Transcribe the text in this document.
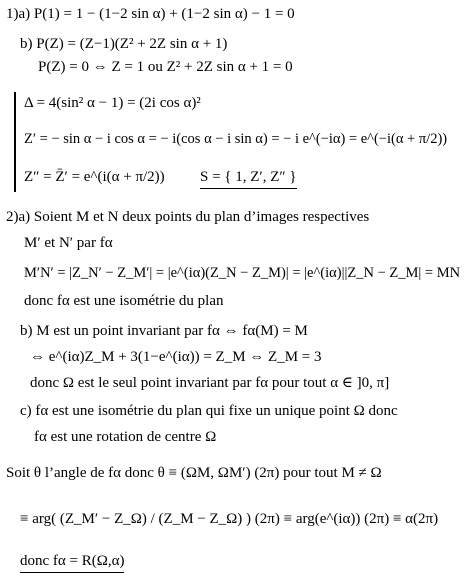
1)a) P(1) = 1 − (1−2 sin α) + (1−2 sin α) − 1 = 0
b) P(Z) = (Z−1)(Z² + 2Z sin α + 1)
P(Z) = 0 ⇔ Z = 1 ou Z² + 2Z sin α + 1 = 0
Δ = 4(sin² α − 1) = (2i cos α)²
Z′ = − sin α − i cos α = − i(cos α − i sin α) = − i e^(−iα) = e^(−i(α + π/2))
Z″ = Z̄′ = e^(i(α + π/2)) S = { 1, Z′, Z″ }
2)a) Soient M et N deux points du plan d’images respectives
M′ et N′ par fα
M′N′ = |Z_N′ − Z_M′| = |e^(iα)(Z_N − Z_M)| = |e^(iα)||Z_N − Z_M| = MN
donc fα est une isométrie du plan
b) M est un point invariant par fα ⇔ fα(M) = M
⇔ e^(iα)Z_M + 3(1−e^(iα)) = Z_M ⇔ Z_M = 3
donc Ω est le seul point invariant par fα pour tout α ∈ ]0, π]
c) fα est une isométrie du plan qui fixe un unique point Ω donc
fα est une rotation de centre Ω
Soit θ l’angle de fα donc θ ≡ (ΩM, ΩM′) (2π) pour tout M ≠ Ω
≡ arg( (Z_M′ − Z_Ω) / (Z_M − Z_Ω) ) (2π) ≡ arg(e^(iα)) (2π) ≡ α(2π)
donc fα = R(Ω,α)
